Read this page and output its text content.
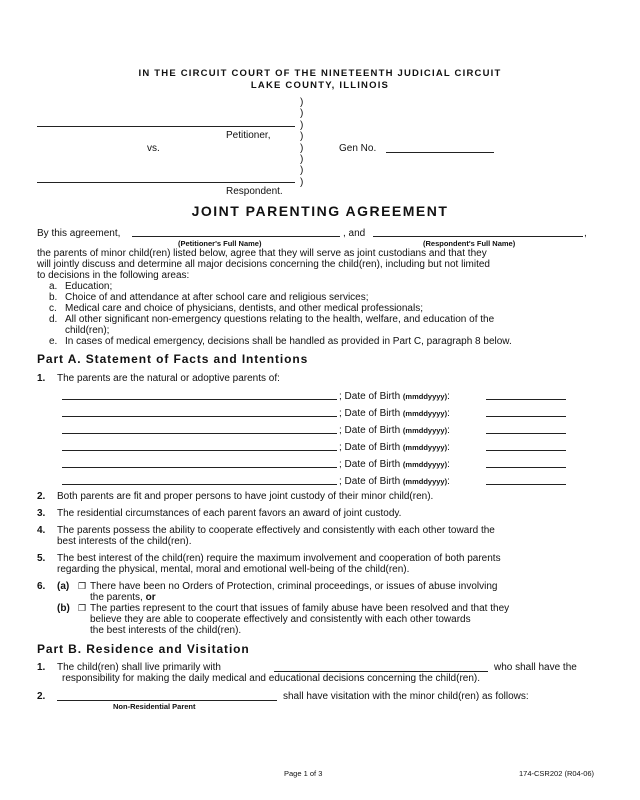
IN THE CIRCUIT COURT OF THE NINETEENTH JUDICIAL CIRCUIT
LAKE COUNTY, ILLINOIS
)
)
)
)
)
)
)
)
Petitioner,
vs.	Gen No.
Respondent.
JOINT PARENTING AGREEMENT
By this agreement,	, and	,
(Petitioner's Full Name)	(Respondent's Full Name)
the parents of minor child(ren) listed below, agree that they will serve as joint custodians and that they
will jointly discuss and determine all major decisions concerning the child(ren), including but not limited
to decisions in the following areas:
a. Education;
b. Choice of and attendance at after school care and religious services;
c. Medical care and choice of physicians, dentists, and other medical professionals;
d. All other significant non-emergency questions relating to the health, welfare, and education of the
child(ren);
e. In cases of medical emergency, decisions shall be handled as provided in Part C, paragraph 8 below.
Part A. Statement of Facts and Intentions
1. The parents are the natural or adoptive parents of:
; Date of Birth (mmddyyyy):
; Date of Birth (mmddyyyy):
; Date of Birth (mmddyyyy):
; Date of Birth (mmddyyyy):
; Date of Birth (mmddyyyy):
; Date of Birth (mmddyyyy):
2. Both parents are fit and proper persons to have joint custody of their minor child(ren).
3. The residential circumstances of each parent favors an award of joint custody.
4. The parents possess the ability to cooperate effectively and consistently with each other toward the
best interests of the child(ren).
5. The best interest of the child(ren) require the maximum involvement and cooperation of both parents
regarding the physical, mental, moral and emotional well-being of the child(ren).
6. (a) ❒ There have been no Orders of Protection, criminal proceedings, or issues of abuse involving
the parents, or
(b) ❒ The parties represent to the court that issues of family abuse have been resolved and that they
believe they are able to cooperate effectively and consistently with each other towards
the best interests of the child(ren).
Part B. Residence and Visitation
1. The child(ren) shall live primarily with	who shall have the
responsibility for making the daily medical and educational decisions concerning the child(ren).
2.	shall have visitation with the minor child(ren) as follows:
Non-Residential Parent
Page 1 of 3	174-CSR202 (R04-06)
